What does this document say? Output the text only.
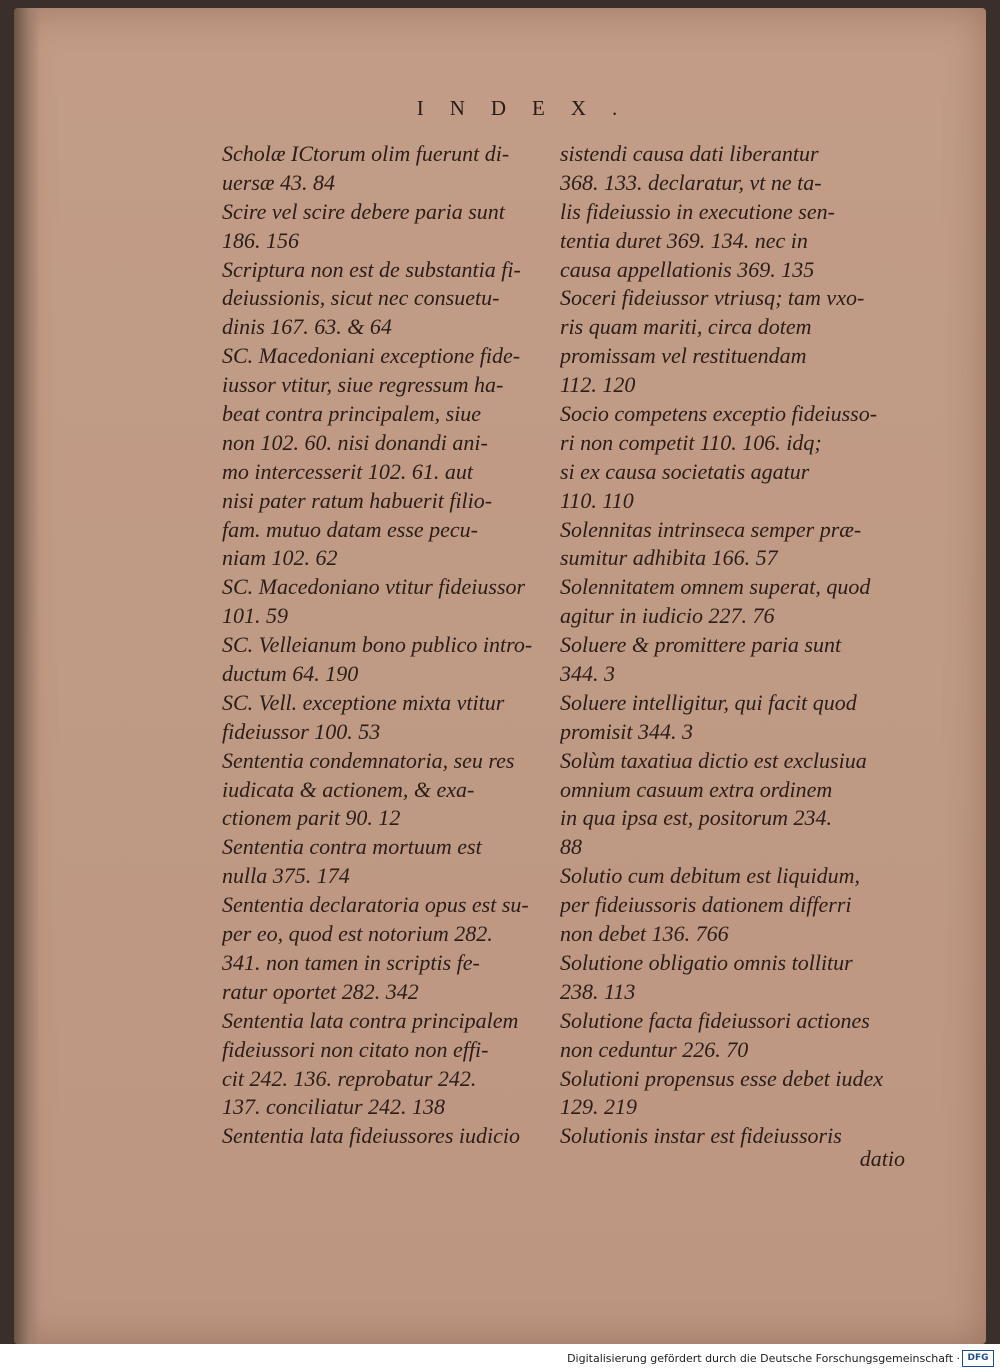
INDEX.
Scholæ ICtorum olim fuerunt di-
uersæ 43. 84
Scire vel scire debere paria sunt
186. 156
Scriptura non est de substantia fi-
deiussionis, sicut nec consuetu-
dinis 167. 63. & 64
SC. Macedoniani exceptione fide-
iussor vtitur, siue regressum ha-
beat contra principalem, siue
non 102. 60. nisi donandi ani-
mo intercesserit 102. 61. aut
nisi pater ratum habuerit filio-
fam. mutuo datam esse pecu-
niam 102. 62
SC. Macedoniano vtitur fideiussor
101. 59
SC. Velleianum bono publico intro-
ductum 64. 190
SC. Vell. exceptione mixta vtitur
fideiussor 100. 53
Sententia condemnatoria, seu res
iudicata & actionem, & exa-
ctionem parit 90. 12
Sententia contra mortuum est
nulla 375. 174
Sententia declaratoria opus est su-
per eo, quod est notorium 282.
341. non tamen in scriptis fe-
ratur oportet 282. 342
Sententia lata contra principalem
fideiussori non citato non effi-
cit 242. 136. reprobatur 242.
137. conciliatur 242. 138
Sententia lata fideiussores iudicio
sistendi causa dati liberantur
368. 133. declaratur, vt ne ta-
lis fideiussio in executione sen-
tentia duret 369. 134. nec in
causa appellationis 369. 135
Soceri fideiussor vtriusq; tam vxo-
ris quam mariti, circa dotem
promissam vel restituendam
112. 120
Socio competens exceptio fideiusso-
ri non competit 110. 106. idq;
si ex causa societatis agatur
110. 110
Solennitas intrinseca semper præ-
sumitur adhibita 166. 57
Solennitatem omnem superat, quod
agitur in iudicio 227. 76
Soluere & promittere paria sunt
344. 3
Soluere intelligitur, qui facit quod
promisit 344. 3
Solùm taxatiua dictio est exclusiua
omnium casuum extra ordinem
in qua ipsa est, positorum 234.
88
Solutio cum debitum est liquidum,
per fideiussoris dationem differri
non debet 136. 766
Solutione obligatio omnis tollitur
238. 113
Solutione facta fideiussori actiones
non ceduntur 226. 70
Solutioni propensus esse debet iudex
129. 219
Solutionis instar est fideiussoris
datio
Digitalisierung gefördert durch die Deutsche Forschungsgemeinschaft · DFG
